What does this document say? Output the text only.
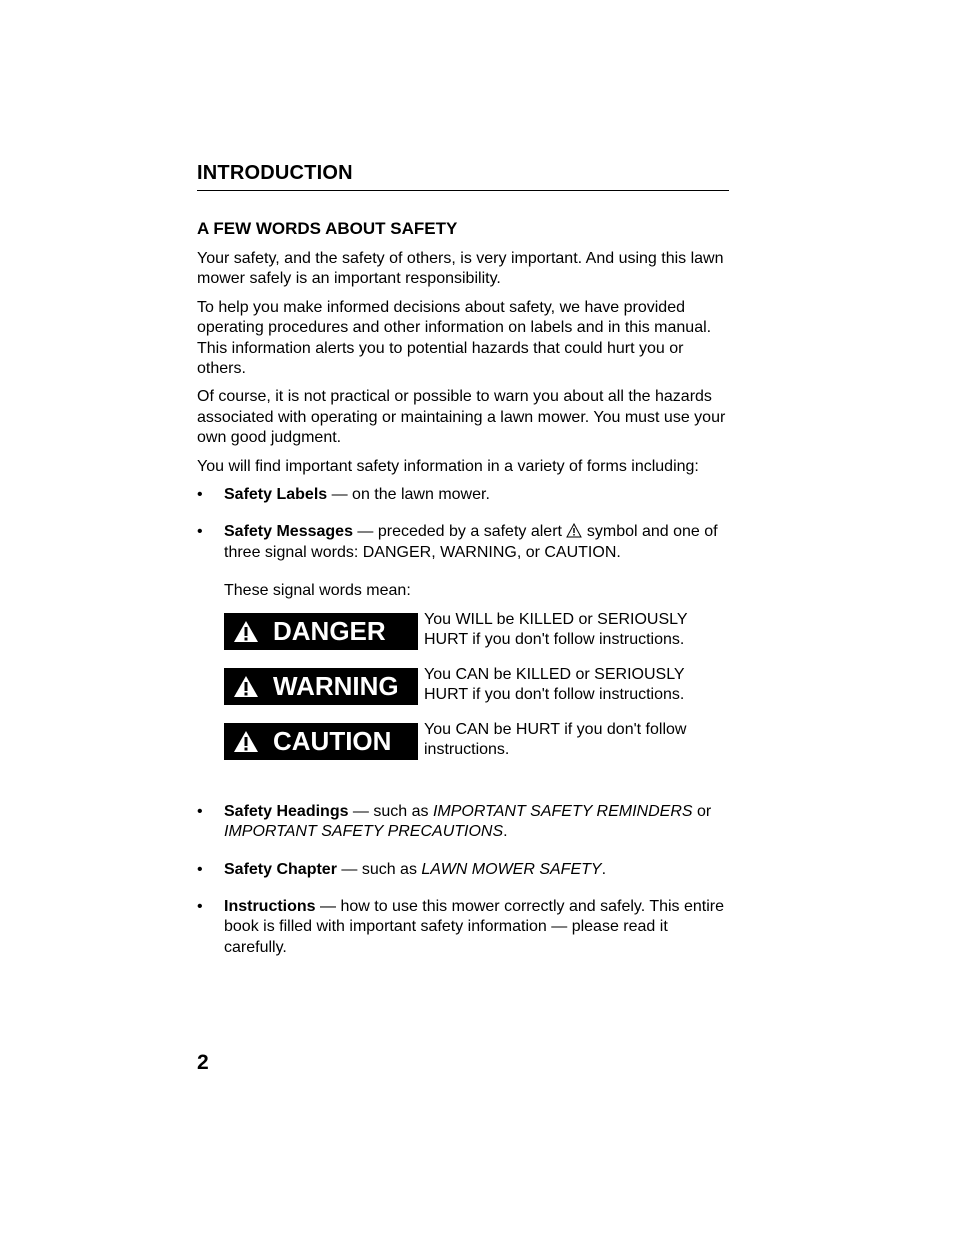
INTRODUCTION
A FEW WORDS ABOUT SAFETY

Your safety, and the safety of others, is very important. And using this lawn mower safely is an important responsibility.

To help you make informed decisions about safety, we have provided operating procedures and other information on labels and in this manual. This information alerts you to potential hazards that could hurt you or others.

Of course, it is not practical or possible to warn you about all the hazards associated with operating or maintaining a lawn mower. You must use your own good judgment.

You will find important safety information in a variety of forms including:

• Safety Labels — on the lawn mower.
• Safety Messages — preceded by a safety alert  symbol and one of three signal words: DANGER, WARNING, or CAUTION.
These signal words mean:
DANGER	You WILL be KILLED or SERIOUSLY HURT if you don't follow instructions.
WARNING	You CAN be KILLED or SERIOUSLY HURT if you don't follow instructions.
CAUTION	You CAN be HURT if you don't follow instructions.
• Safety Headings — such as IMPORTANT SAFETY REMINDERS or IMPORTANT SAFETY PRECAUTIONS.
• Safety Chapter — such as LAWN MOWER SAFETY.
• Instructions — how to use this mower correctly and safely. This entire book is filled with important safety information — please read it carefully.
2
